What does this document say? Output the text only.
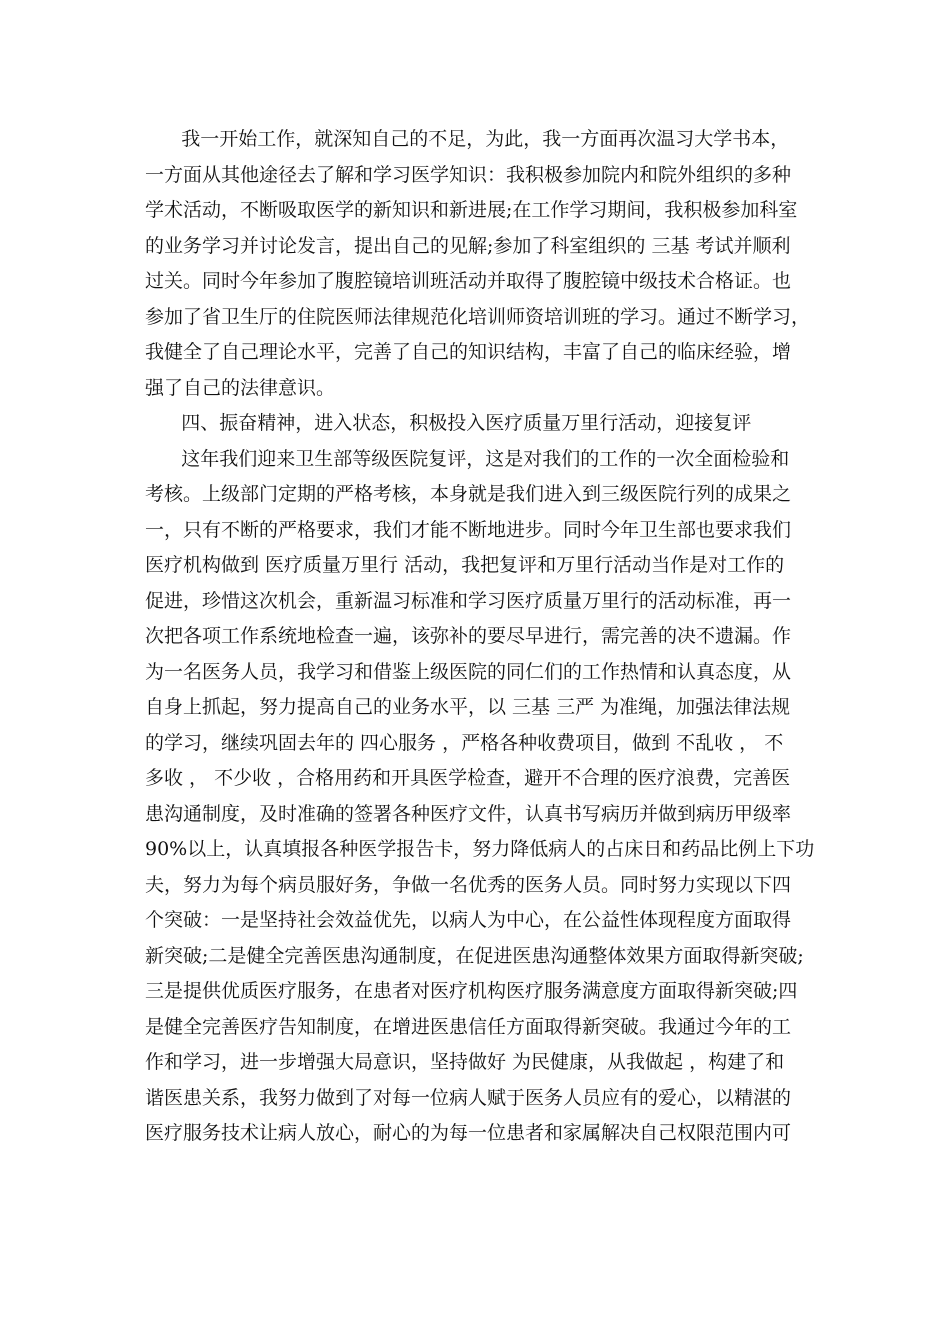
我一开始工作，就深知自己的不足，为此，我一方面再次温习大学书本，
一方面从其他途径去了解和学习医学知识：我积极参加院内和院外组织的多种
学术活动，不断吸取医学的新知识和新进展;在工作学习期间，我积极参加科室
的业务学习并讨论发言，提出自己的见解;参加了科室组织的 三基 考试并顺利
过关。同时今年参加了腹腔镜培训班活动并取得了腹腔镜中级技术合格证。也
参加了省卫生厅的住院医师法律规范化培训师资培训班的学习。通过不断学习，
我健全了自己理论水平，完善了自己的知识结构，丰富了自己的临床经验，增
强了自己的法律意识。
四、振奋精神，进入状态，积极投入医疗质量万里行活动，迎接复评
这年我们迎来卫生部等级医院复评，这是对我们的工作的一次全面检验和
考核。上级部门定期的严格考核，本身就是我们进入到三级医院行列的成果之
一，只有不断的严格要求，我们才能不断地进步。同时今年卫生部也要求我们
医疗机构做到 医疗质量万里行 活动，我把复评和万里行活动当作是对工作的
促进，珍惜这次机会，重新温习标准和学习医疗质量万里行的活动标准，再一
次把各项工作系统地检查一遍，该弥补的要尽早进行，需完善的决不遗漏。作
为一名医务人员，我学习和借鉴上级医院的同仁们的工作热情和认真态度，从
自身上抓起，努力提高自己的业务水平，以 三基 三严 为准绳，加强法律法规
的学习，继续巩固去年的 四心服务 ，严格各种收费项目，做到 不乱收 ， 不
多收 ， 不少收 ，合格用药和开具医学检查，避开不合理的医疗浪费，完善医
患沟通制度，及时准确的签署各种医疗文件，认真书写病历并做到病历甲级率
90%以上，认真填报各种医学报告卡，努力降低病人的占床日和药品比例上下功
夫，努力为每个病员服好务，争做一名优秀的医务人员。同时努力实现以下四
个突破：一是坚持社会效益优先，以病人为中心，在公益性体现程度方面取得
新突破;二是健全完善医患沟通制度，在促进医患沟通整体效果方面取得新突破;
三是提供优质医疗服务，在患者对医疗机构医疗服务满意度方面取得新突破;四
是健全完善医疗告知制度，在增进医患信任方面取得新突破。我通过今年的工
作和学习，进一步增强大局意识，坚持做好 为民健康，从我做起 ，构建了和
谐医患关系，我努力做到了对每一位病人赋于医务人员应有的爱心，以精湛的
医疗服务技术让病人放心，耐心的为每一位患者和家属解决自己权限范围内可
